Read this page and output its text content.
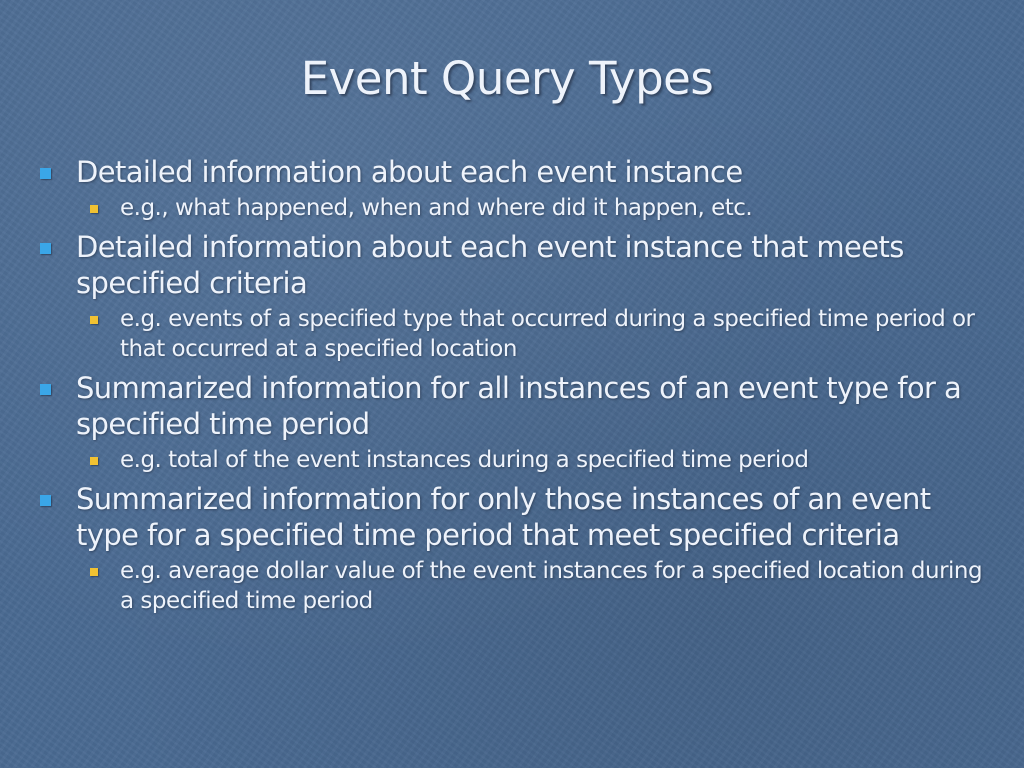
Event Query Types
Detailed information about each event instance
e.g., what happened, when and where did it happen, etc.
Detailed information about each event instance that meets specified criteria
e.g. events of a specified type that occurred during a specified time period or that occurred at a specified location
Summarized information for all instances of an event type for a specified time period
e.g. total of the event instances during a specified time period
Summarized information for only those instances of an event type for a specified time period that meet specified criteria
e.g. average dollar value of the event instances for a specified location during a specified time period
